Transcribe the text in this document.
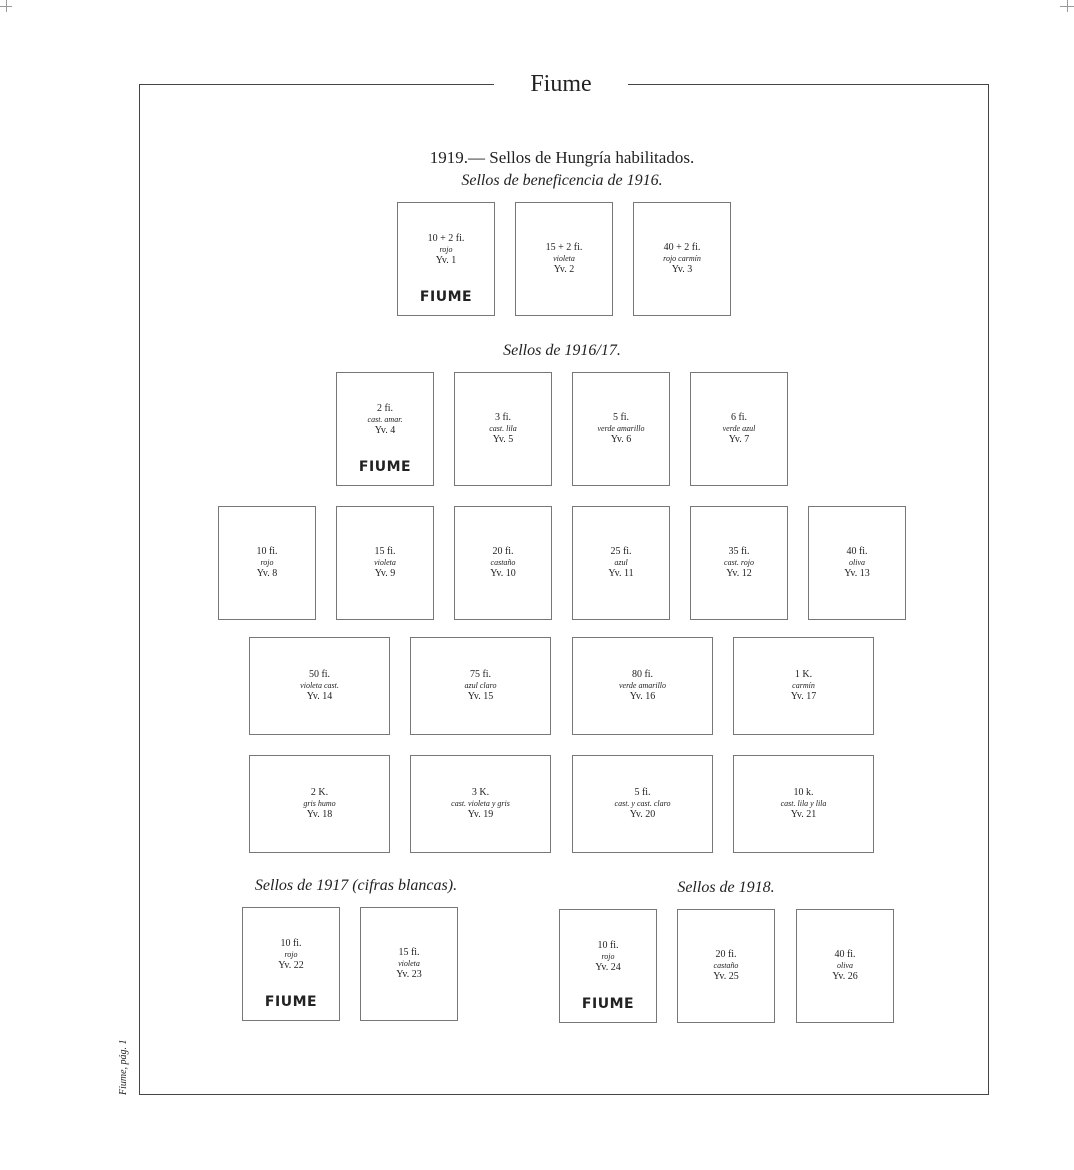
Fiume
Fiume, pág. 1
1919.— Sellos de Hungría habilitados.
Sellos de beneficencia de 1916.
Sellos de 1916/17.
Sellos de 1917 (cifras blancas).	Sellos de 1918.
10 + 2 fi.
rojo
Yv. 1
FIUME
15 + 2 fi.
violeta
Yv. 2
40 + 2 fi.
rojo carmín
Yv. 3
2 fi.
cast. amar.
Yv. 4
FIUME
3 fi.
cast. lila
Yv. 5
5 fi.
verde amarillo
Yv. 6
6 fi.
verde azul
Yv. 7
10 fi.
rojo
Yv. 8
15 fi.
violeta
Yv. 9
20 fi.
castaño
Yv. 10
25 fi.
azul
Yv. 11
35 fi.
cast. rojo
Yv. 12
40 fi.
oliva
Yv. 13
50 fi.
violeta cast.
Yv. 14
75 fi.
azul claro
Yv. 15
80 fi.
verde amarillo
Yv. 16
1 K.
carmín
Yv. 17
2 K.
gris humo
Yv. 18
3 K.
cast. violeta y gris
Yv. 19
5 fi.
cast. y cast. claro
Yv. 20
10 k.
cast. lila y lila
Yv. 21
10 fi.
rojo
Yv. 22
FIUME
15 fi.
violeta
Yv. 23
10 fi.
rojo
Yv. 24
FIUME
20 fi.
castaño
Yv. 25
40 fi.
oliva
Yv. 26
